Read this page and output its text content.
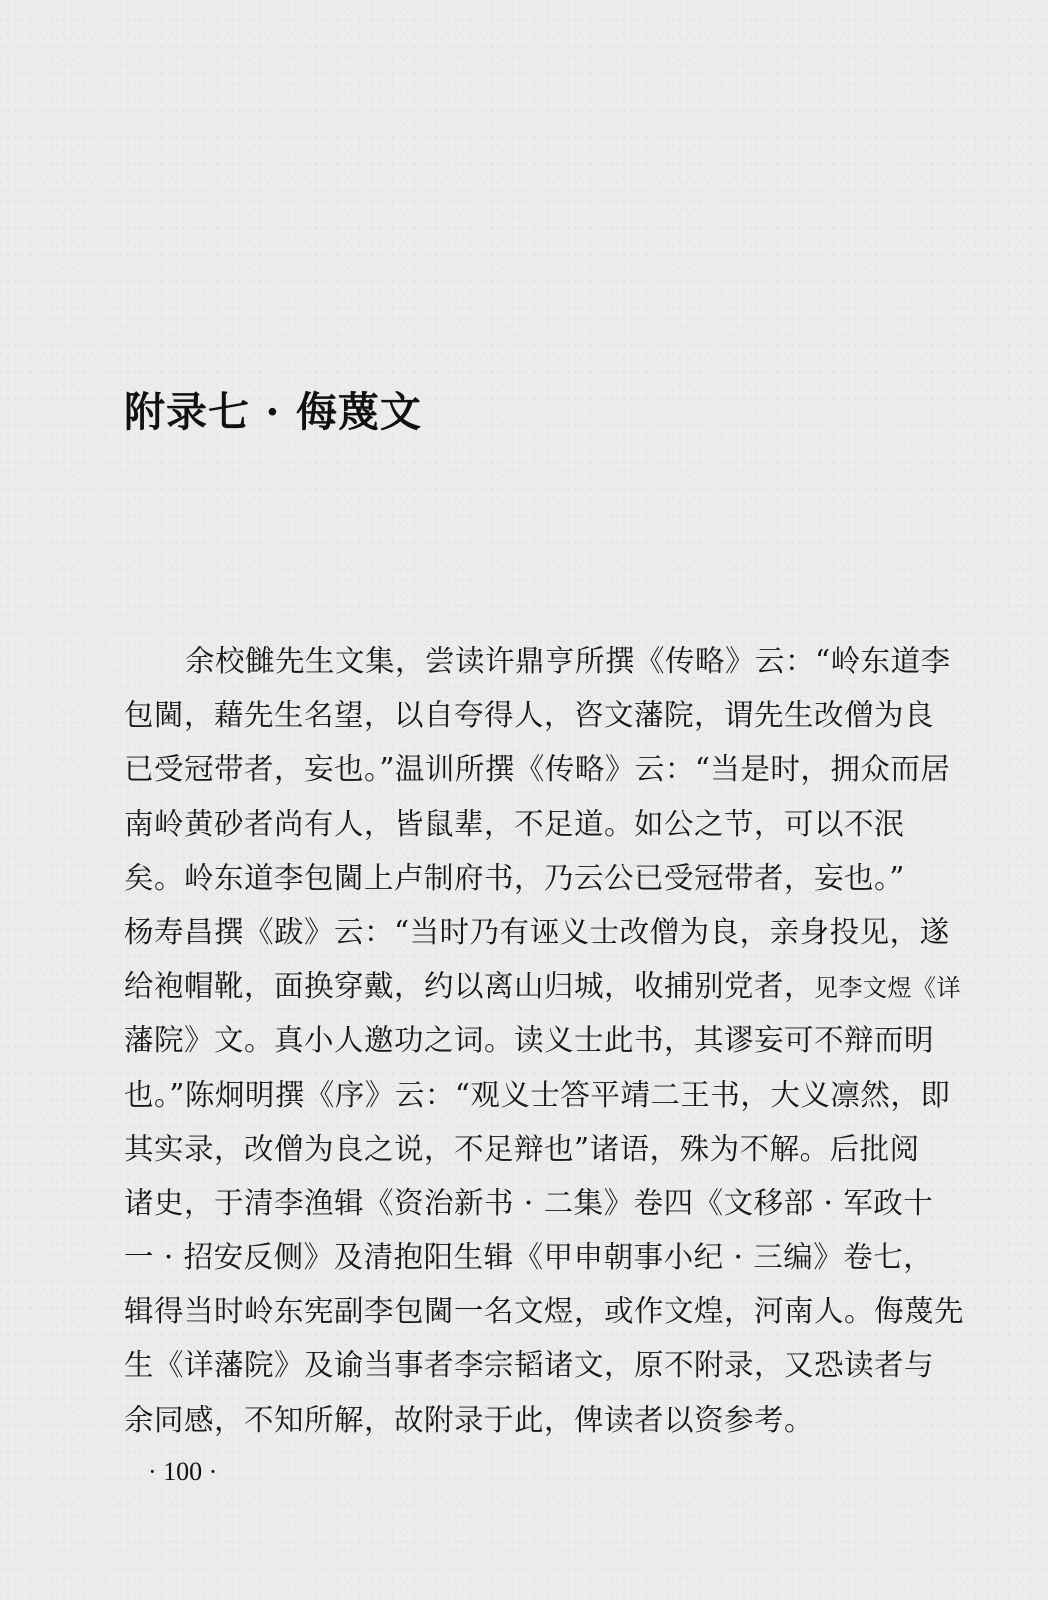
附录七 · 侮蔑文
余校雠先生文集，尝读许鼎亨所撰《传略》云：“岭东道李
包閫，藉先生名望，以自夸得人，咨文藩院，谓先生改僧为良
已受冠带者，妄也。”温训所撰《传略》云：“当是时，拥众而居
南岭黄砂者尚有人，皆鼠辈，不足道。如公之节，可以不泯
矣。岭东道李包閫上卢制府书，乃云公已受冠带者，妄也。”
杨寿昌撰《跋》云：“当时乃有诬义士改僧为良，亲身投见，遂
给袍帽靴，面换穿戴，约以离山归城，收捕别党者，见李文煜《详
藩院》文。真小人邀功之词。读义士此书，其谬妄可不辩而明
也。”陈炯明撰《序》云：“观义士答平靖二王书，大义凛然，即
其实录，改僧为良之说，不足辩也”诸语，殊为不解。后批阅
诸史，于清李渔辑《资治新书 · 二集》卷四《文移部 · 军政十
一 · 招安反侧》及清抱阳生辑《甲申朝事小纪 · 三编》卷七，
辑得当时岭东宪副李包閫一名文煜，或作文煌，河南人。侮蔑先
生《详藩院》及谕当事者李宗韬诸文，原不附录，又恐读者与
余同感，不知所解，故附录于此，俾读者以资参考。
· 100 ·
